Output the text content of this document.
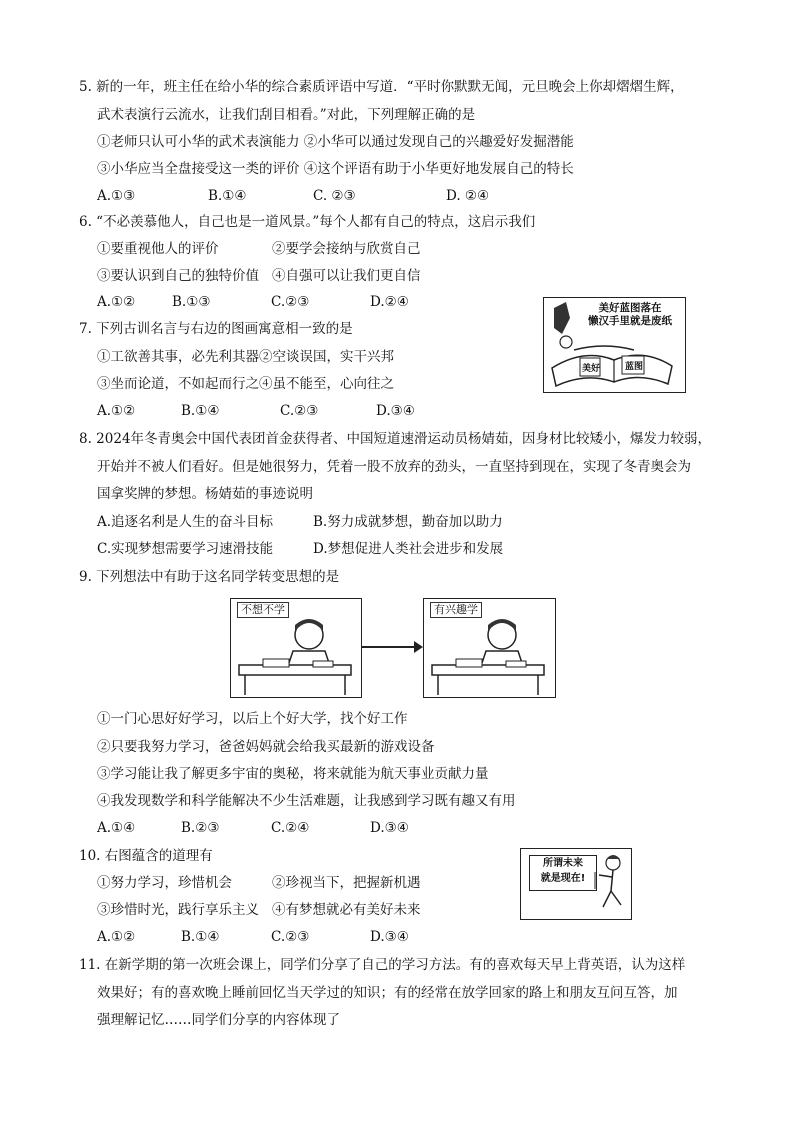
5. 新的一年，班主任在给小华的综合素质评语中写道．“平时你默默无闻，元旦晚会上你却熠熠生辉，
武术表演行云流水，让我们刮目相看。”对此，下列理解正确的是
①老师只认可小华的武术表演能力 ②小华可以通过发现自己的兴趣爱好发掘潜能
③小华应当全盘接受这一类的评价 ④这个评语有助于小华更好地发展自己的特长
A.①③	B.①④	C. ②③	D. ②④
6. “不必羡慕他人，自己也是一道风景。”每个人都有自己的特点，这启示我们
①要重视他人的评价	②要学会接纳与欣赏自己
③要认识到自己的独特价值 ④自强可以让我们更自信
A.①②	B.①③	C.②③	D.②④	美好蓝图落在
懒汉手里就是废纸
美好	蓝图
7. 下列古训名言与右边的图画寓意相一致的是
①工欲善其事，必先利其器②空谈误国，实干兴邦
③坐而论道，不如起而行之④虽不能至，心向往之
A.①②	B.①④	C.②③	D.③④
8. 2024年冬青奥会中国代表团首金获得者、中国短道速滑运动员杨婧茹，因身材比较矮小，爆发力较弱，
开始并不被人们看好。但是她很努力，凭着一股不放弃的劲头，一直坚持到现在，实现了冬青奥会为
国拿奖牌的梦想。杨婧茹的事迹说明
A.追逐名利是人生的奋斗目标	B.努力成就梦想，勤奋加以助力
C.实现梦想需要学习速滑技能	D.梦想促进人类社会进步和发展
9. 下列想法中有助于这名同学转变思想的是
不想不学	有兴趣学
①一门心思好好学习，以后上个好大学，找个好工作
②只要我努力学习，爸爸妈妈就会给我买最新的游戏设备
③学习能让我了解更多宇宙的奥秘，将来就能为航天事业贡献力量
④我发现数学和科学能解决不少生活难题，让我感到学习既有趣又有用
A.①④	B.②③	C.②④	D.③④
所谓未来
就是现在!
10. 右图蕴含的道理有
①努力学习，珍惜机会	②珍视当下，把握新机遇
③珍惜时光，践行享乐主义 ④有梦想就必有美好未来
A.①②	B.①④	C.②③	D.③④
11. 在新学期的第一次班会课上，同学们分享了自己的学习方法。有的喜欢每天早上背英语，认为这样
效果好；有的喜欢晚上睡前回忆当天学过的知识；有的经常在放学回家的路上和朋友互问互答，加
强理解记忆……同学们分享的内容体现了
